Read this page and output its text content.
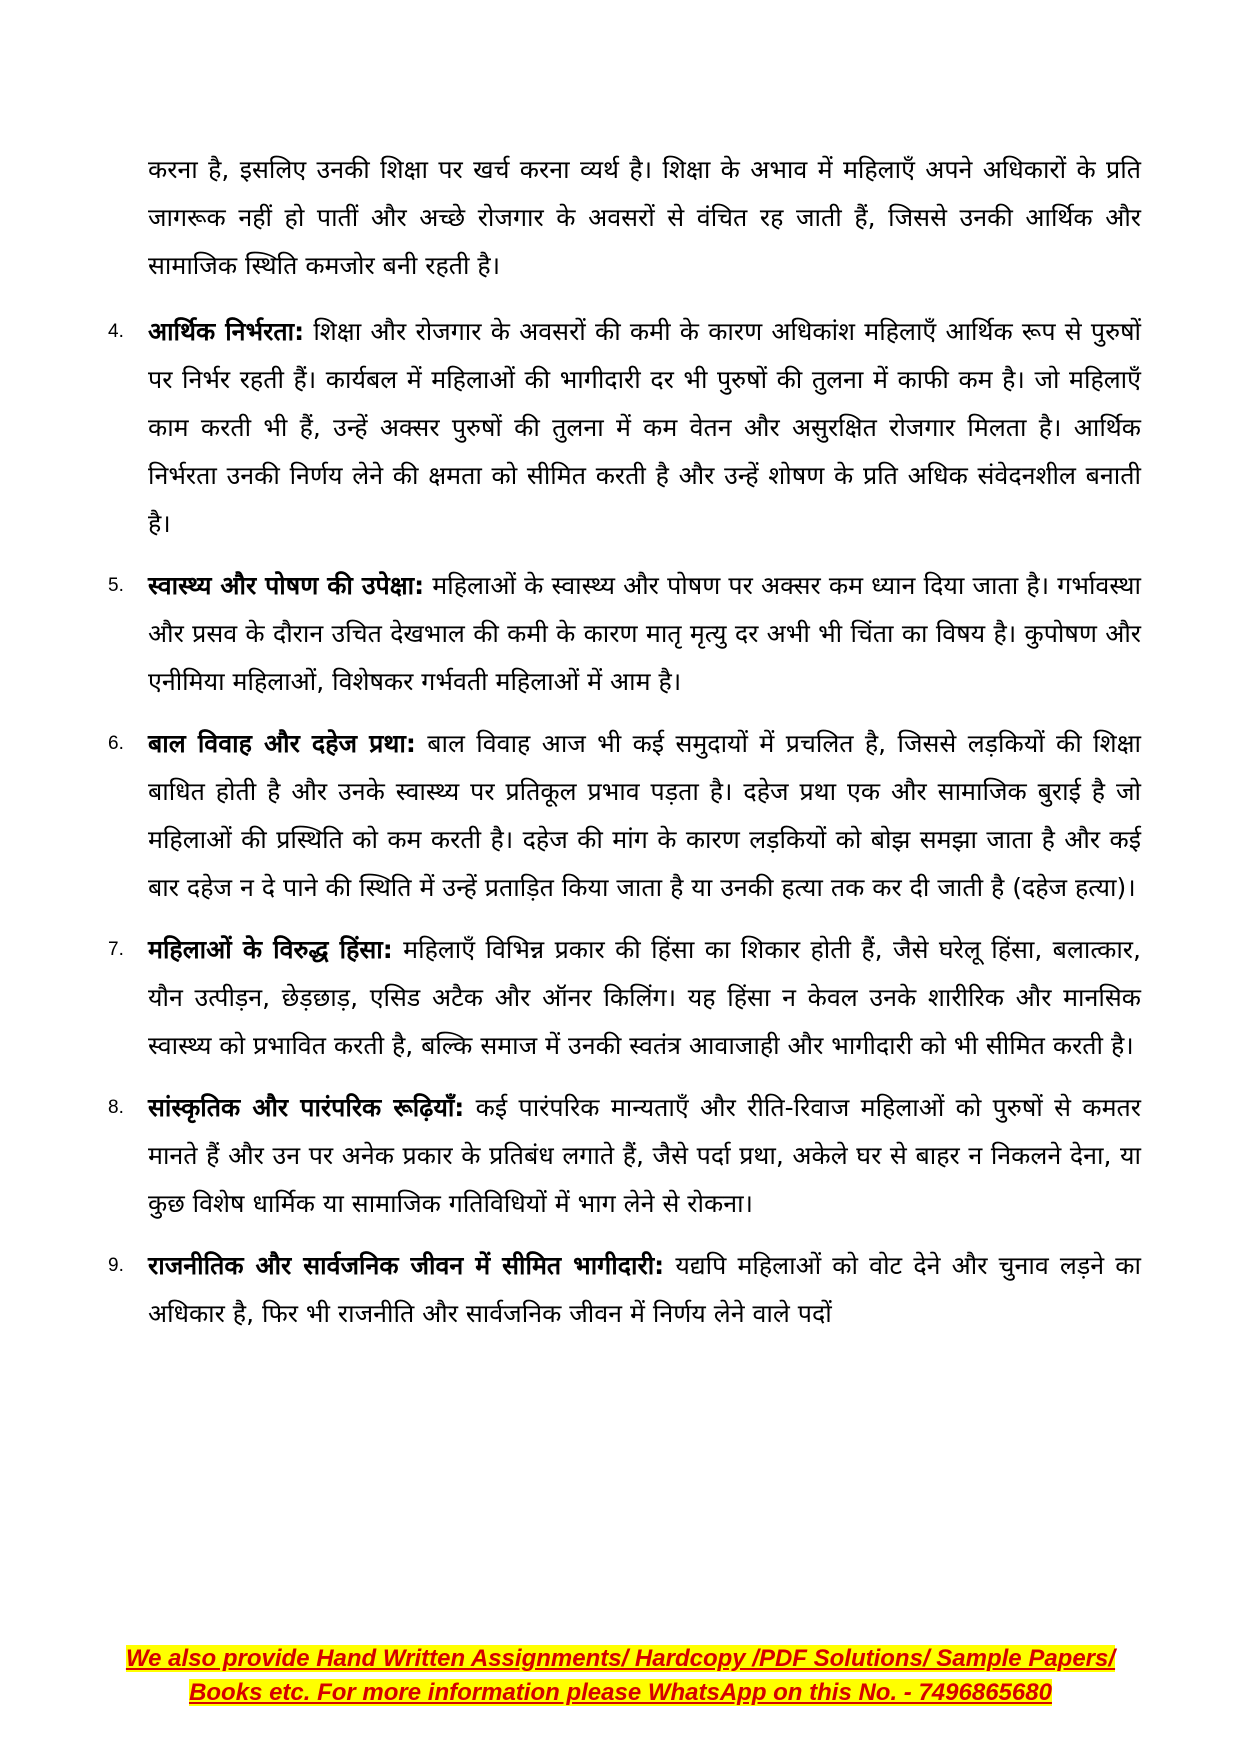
करना है, इसलिए उनकी शिक्षा पर खर्च करना व्यर्थ है। शिक्षा के अभाव में महिलाएँ अपने अधिकारों के प्रति जागरूक नहीं हो पातीं और अच्छे रोजगार के अवसरों से वंचित रह जाती हैं, जिससे उनकी आर्थिक और सामाजिक स्थिति कमजोर बनी रहती है।

4. आर्थिक निर्भरता: शिक्षा और रोजगार के अवसरों की कमी के कारण अधिकांश महिलाएँ आर्थिक रूप से पुरुषों पर निर्भर रहती हैं। कार्यबल में महिलाओं की भागीदारी दर भी पुरुषों की तुलना में काफी कम है। जो महिलाएँ काम करती भी हैं, उन्हें अक्सर पुरुषों की तुलना में कम वेतन और असुरक्षित रोजगार मिलता है। आर्थिक निर्भरता उनकी निर्णय लेने की क्षमता को सीमित करती है और उन्हें शोषण के प्रति अधिक संवेदनशील बनाती है।
5. स्वास्थ्य और पोषण की उपेक्षा: महिलाओं के स्वास्थ्य और पोषण पर अक्सर कम ध्यान दिया जाता है। गर्भावस्था और प्रसव के दौरान उचित देखभाल की कमी के कारण मातृ मृत्यु दर अभी भी चिंता का विषय है। कुपोषण और एनीमिया महिलाओं, विशेषकर गर्भवती महिलाओं में आम है।
6. बाल विवाह और दहेज प्रथा: बाल विवाह आज भी कई समुदायों में प्रचलित है, जिससे लड़कियों की शिक्षा बाधित होती है और उनके स्वास्थ्य पर प्रतिकूल प्रभाव पड़ता है। दहेज प्रथा एक और सामाजिक बुराई है जो महिलाओं की प्रस्थिति को कम करती है। दहेज की मांग के कारण लड़कियों को बोझ समझा जाता है और कई बार दहेज न दे पाने की स्थिति में उन्हें प्रताड़ित किया जाता है या उनकी हत्या तक कर दी जाती है (दहेज हत्या)।
7. महिलाओं के विरुद्ध हिंसा: महिलाएँ विभिन्न प्रकार की हिंसा का शिकार होती हैं, जैसे घरेलू हिंसा, बलात्कार, यौन उत्पीड़न, छेड़छाड़, एसिड अटैक और ऑनर किलिंग। यह हिंसा न केवल उनके शारीरिक और मानसिक स्वास्थ्य को प्रभावित करती है, बल्कि समाज में उनकी स्वतंत्र आवाजाही और भागीदारी को भी सीमित करती है।
8. सांस्कृतिक और पारंपरिक रूढ़ियाँ: कई पारंपरिक मान्यताएँ और रीति-रिवाज महिलाओं को पुरुषों से कमतर मानते हैं और उन पर अनेक प्रकार के प्रतिबंध लगाते हैं, जैसे पर्दा प्रथा, अकेले घर से बाहर न निकलने देना, या कुछ विशेष धार्मिक या सामाजिक गतिविधियों में भाग लेने से रोकना।
9. राजनीतिक और सार्वजनिक जीवन में सीमित भागीदारी: यद्यपि महिलाओं को वोट देने और चुनाव लड़ने का अधिकार है, फिर भी राजनीति और सार्वजनिक जीवन में निर्णय लेने वाले पदों
We also provide Hand Written Assignments/ Hardcopy /PDF Solutions/ Sample Papers/
Books etc. For more information please WhatsApp on this No. - 7496865680
